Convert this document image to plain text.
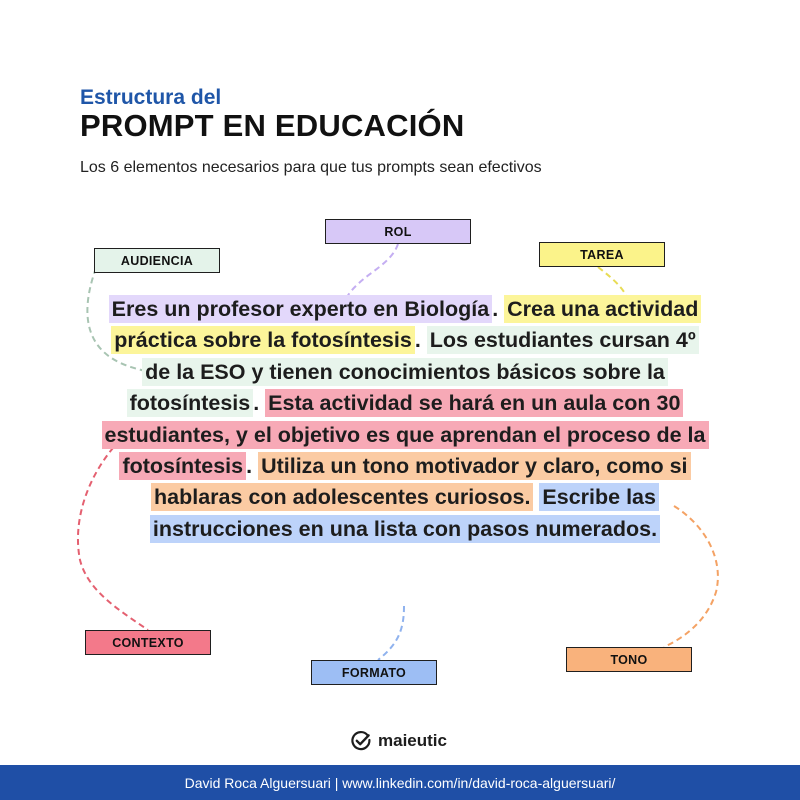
Estructura del
PROMPT EN EDUCACIÓN
Los 6 elementos necesarios para que tus prompts sean efectivos
ROL
AUDIENCIA	TAREA
CONTEXTO
FORMATO
TONO
Eres un profesor experto en Biología . Crea una actividad práctica sobre la fotosíntesis . Los estudiantes cursan 4º de la ESO y tienen conocimientos básicos sobre la fotosíntesis . Esta actividad se hará en un aula con 30 estudiantes, y el objetivo es que aprendan el proceso de la fotosíntesis . Utiliza un tono motivador y claro, como si hablaras con adolescentes curiosos. Escribe las instrucciones en una lista con pasos numerados.
maieutic
David Roca Alguersuari | www.linkedin.com/in/david-roca-alguersuari/
